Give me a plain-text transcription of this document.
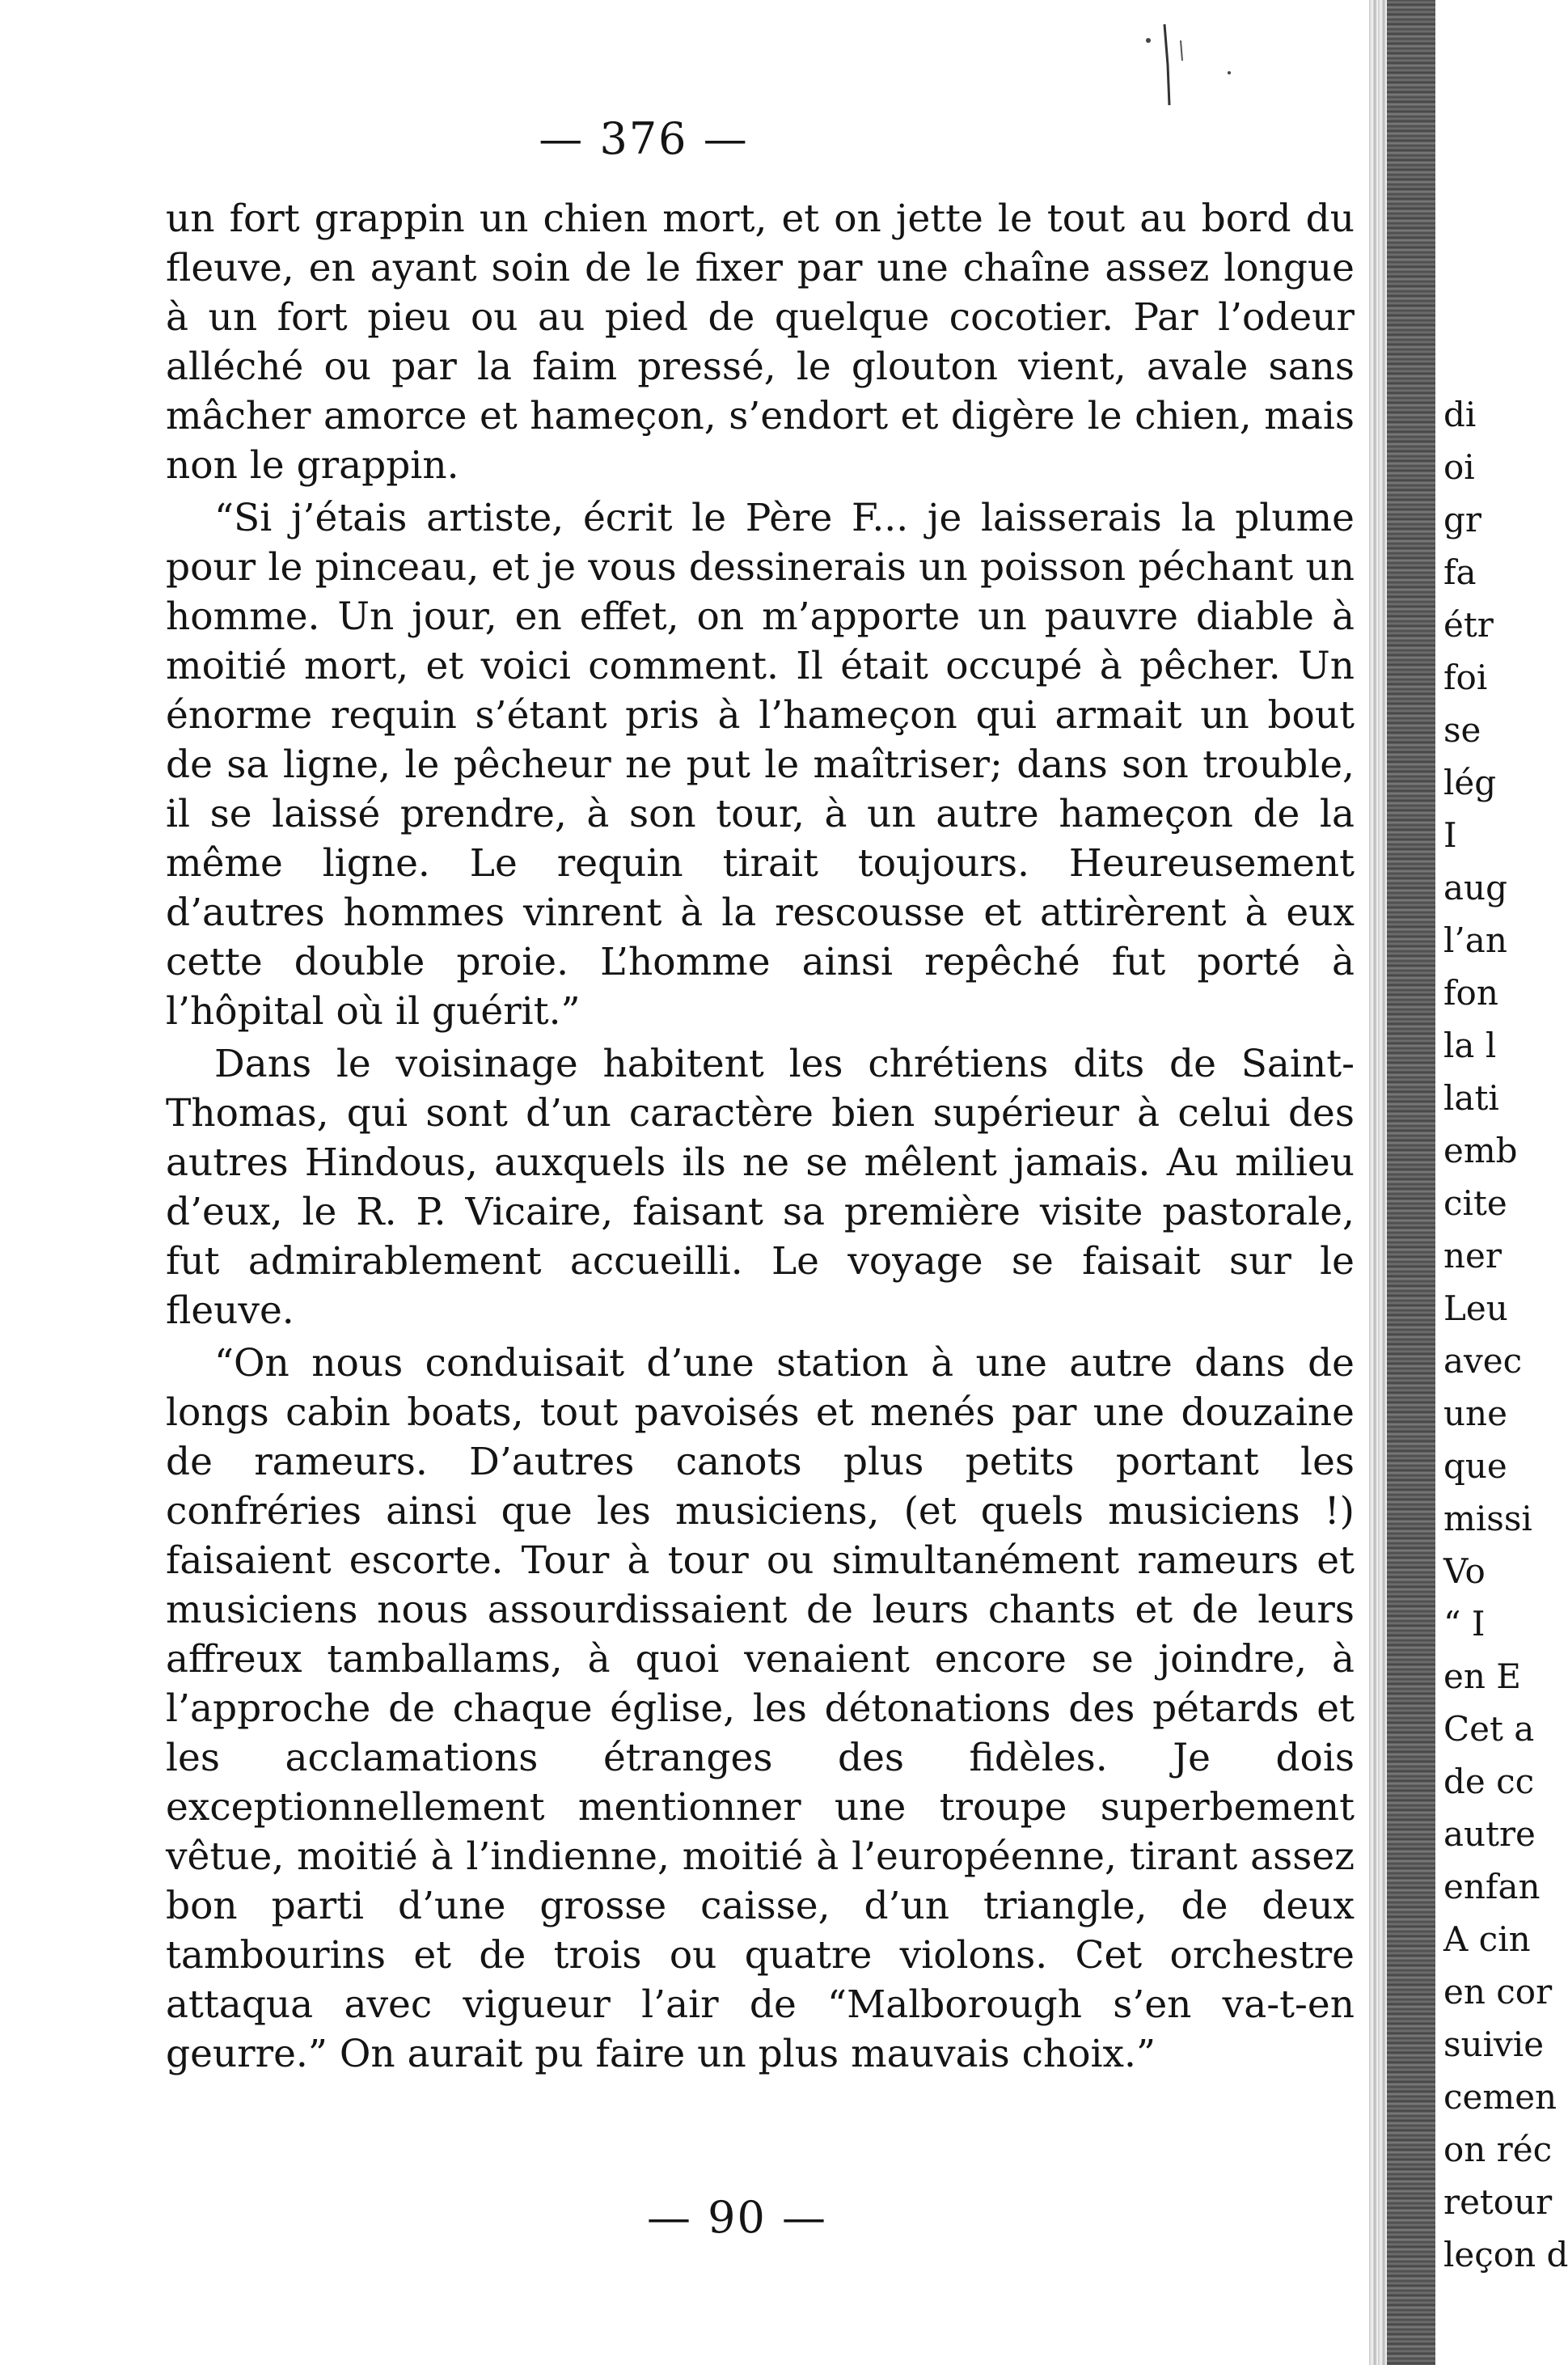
— 376 —

un fort grappin un chien mort, et on jette le tout au bord du fleuve, en ayant soin de le fixer par une chaîne assez longue à un fort pieu ou au pied de quelque cocotier. Par l’odeur alléché ou par la faim pressé, le glouton vient, avale sans mâcher amorce et hameçon, s’endort et digère le chien, mais non le grappin.

“Si j’étais artiste, écrit le Père F... je laisserais la plume pour le pinceau, et je vous dessinerais un poisson péchant un homme. Un jour, en effet, on m’apporte un pauvre diable à moitié mort, et voici comment. Il était occupé à pêcher. Un énorme requin s’étant pris à l’hameçon qui armait un bout de sa ligne, le pêcheur ne put le maîtriser; dans son trouble, il se laissé prendre, à son tour, à un autre hameçon de la même ligne. Le requin tirait toujours. Heureusement d’autres hommes vinrent à la rescousse et attirèrent à eux cette double proie. L’homme ainsi repêché fut porté à l’hôpital où il guérit.”

Dans le voisinage habitent les chrétiens dits de Saint-Thomas, qui sont d’un caractère bien supérieur à celui des autres Hindous, auxquels ils ne se mêlent jamais. Au milieu d’eux, le R. P. Vicaire, faisant sa première visite pastorale, fut admirablement accueilli. Le voyage se faisait sur le fleuve.

“On nous conduisait d’une station à une autre dans de longs cabin boats, tout pavoisés et menés par une douzaine de rameurs. D’autres canots plus petits portant les confréries ainsi que les musiciens, (et quels musiciens !) faisaient escorte. Tour à tour ou simultanément rameurs et musiciens nous assourdissaient de leurs chants et de leurs affreux tamballams, à quoi venaient encore se joindre, à l’approche de chaque église, les détonations des pétards et les acclamations étranges des fidèles. Je dois exceptionnellement mentionner une troupe superbement vêtue, moitié à l’indienne, moitié à l’européenne, tirant assez bon parti d’une grosse caisse, d’un triangle, de deux tambourins et de trois ou quatre violons. Cet orchestre attaqua avec vigueur l’air de “Malborough s’en va-t-en geurre.” On aurait pu faire un plus mauvais choix.”

— 90 —
di
oi
gr
fa
étr
foi
se
lég
I
aug
l’an
fon
la l
lati
emb
cite
ner
Leu
avec
une
que
missi
Vo
“ I
en E
Cet a
de cc
autre
enfan
A cin
en cor
suivie
cemen
on réc
retour
leçon d
